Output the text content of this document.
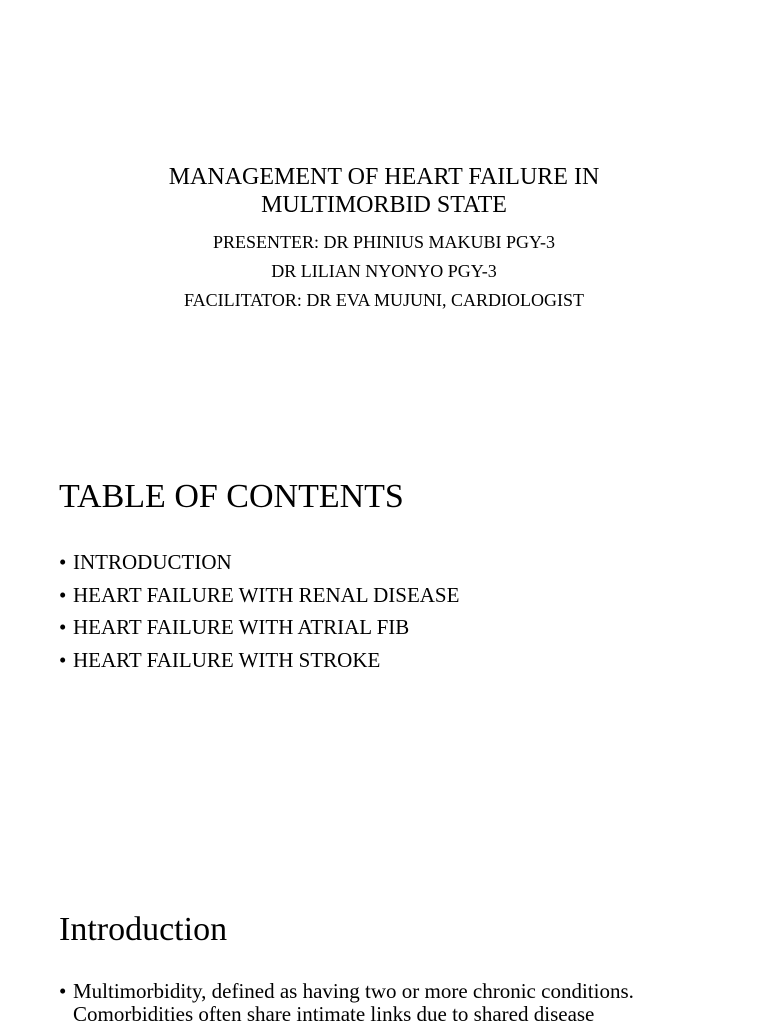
MANAGEMENT OF HEART FAILURE IN
MULTIMORBID STATE
PRESENTER: DR PHINIUS MAKUBI PGY-3
DR LILIAN NYONYO PGY-3
FACILITATOR: DR EVA MUJUNI, CARDIOLOGIST
TABLE OF CONTENTS
• INTRODUCTION
• HEART FAILURE WITH RENAL DISEASE
• HEART FAILURE WITH ATRIAL FIB
• HEART FAILURE WITH STROKE
Introduction
• Multimorbidity, defined as having two or more chronic conditions. Comorbidities often share intimate links due to shared disease
